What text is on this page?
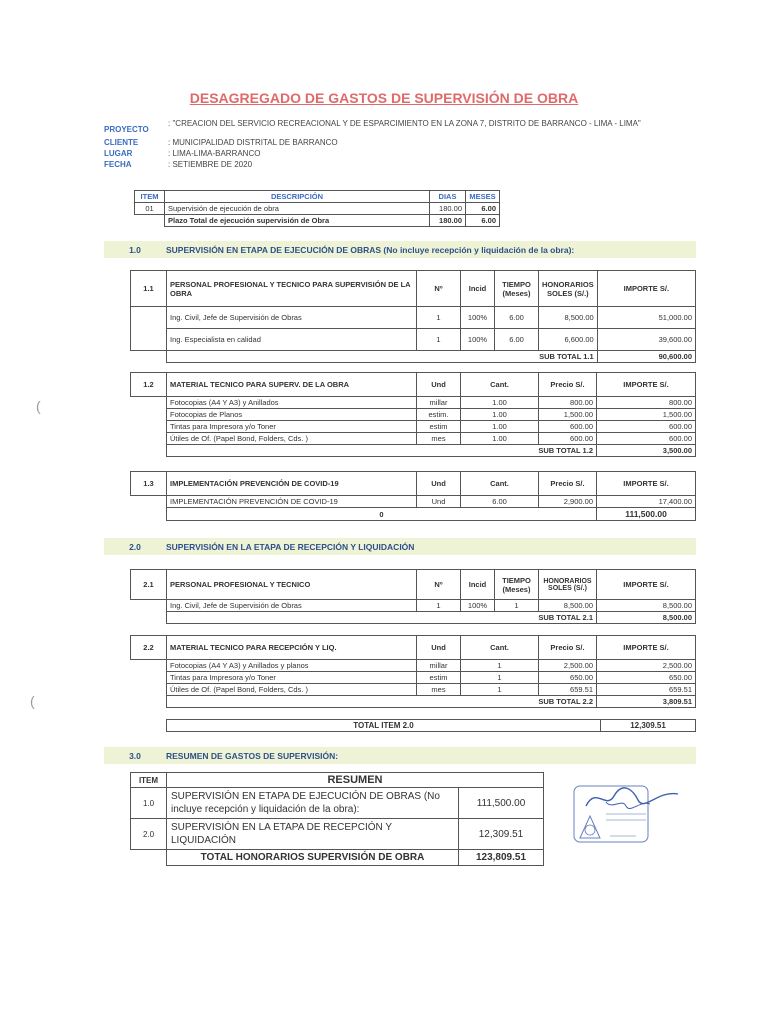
(
(
DESAGREGADO DE GASTOS DE SUPERVISIÓN DE OBRA
PROYECTO
: "CREACION DEL SERVICIO RECREACIONAL Y DE ESPARCIMIENTO EN LA ZONA 7, DISTRITO DE BARRANCO - LIMA - LIMA"
CLIENTE	: MUNICIPALIDAD DISTRITAL DE BARRANCO
LUGAR	: LIMA-LIMA-BARRANCO
FECHA	: SETIEMBRE DE 2020
ITEM	DESCRIPCIÓN	DIAS	MESES
01	Supervisión de ejecución de obra	180.00	6.00
	Plazo Total de ejecución supervisión de Obra	180.00	6.00
1.0	SUPERVISIÓN EN ETAPA DE EJECUCIÓN DE OBRAS (No incluye recepción y liquidación de la obra):
1.1	PERSONAL PROFESIONAL Y TECNICO PARA SUPERVISIÓN DE LA OBRA	Nº	Incid	TIEMPO (Meses)	HONORARIOS SOLES (S/.)	IMPORTE S/.
	Ing. Civil, Jefe de Supervisión de Obras	1	100%	6.00	8,500.00	51,000.00
	Ing. Especialista en calidad	1	100%	6.00	6,600.00	39,600.00
	SUB TOTAL 1.1					90,600.00
1.2	MATERIAL TECNICO PARA SUPERV. DE LA OBRA	Und	Cant.	Precio S/.	IMPORTE S/.
	Fotocopias (A4 Y A3) y Anillados	millar	1.00	800.00	800.00
	Fotocopias de Planos	estim.	1.00	1,500.00	1,500.00
	Tintas para Impresora y/o Toner	estim	1.00	600.00	600.00
	Útiles de Of. (Papel Bond, Folders, Cds. )	mes	1.00	600.00	600.00
	SUB TOTAL 1.2				3,500.00
1.3	IMPLEMENTACIÓN PREVENCIÓN DE COVID-19	Und	Cant.	Precio S/.	IMPORTE S/.
	IMPLEMENTACIÓN PREVENCIÓN DE COVID-19	Und	6.00	2,900.00	17,400.00
	0				111,500.00
2.0	SUPERVISIÓN EN LA ETAPA DE RECEPCIÓN Y LIQUIDACIÓN
2.1	PERSONAL PROFESIONAL Y TECNICO	Nº	Incid	TIEMPO (Meses)	HONORARIOS SOLES (S/.)	IMPORTE S/.
	Ing. Civil, Jefe de Supervisión de Obras	1	100%	1	8,500.00	8,500.00
	SUB TOTAL 2.1					8,500.00
2.2	MATERIAL TECNICO PARA RECEPCIÓN Y LIQ.	Und	Cant.	Precio S/.	IMPORTE S/.
	Fotocopias (A4 Y A3) y Anillados y planos	millar	1	2,500.00	2,500.00
	Tintas para Impresora y/o Toner	estim	1	650.00	650.00
	Útiles de Of. (Papel Bond, Folders, Cds. )	mes	1	659.51	659.51
	SUB TOTAL 2.2				3,809.51
TOTAL ITEM 2.0	12,309.51
3.0	RESUMEN DE GASTOS DE SUPERVISIÓN:
ITEM	RESUMEN	
1.0	SUPERVISIÓN EN ETAPA DE EJECUCIÓN DE OBRAS (No incluye recepción y liquidación de la obra):	111,500.00
2.0	SUPERVISIÓN EN LA ETAPA DE RECEPCIÓN Y LIQUIDACIÓN	12,309.51
	TOTAL HONORARIOS SUPERVISIÓN DE OBRA	123,809.51
